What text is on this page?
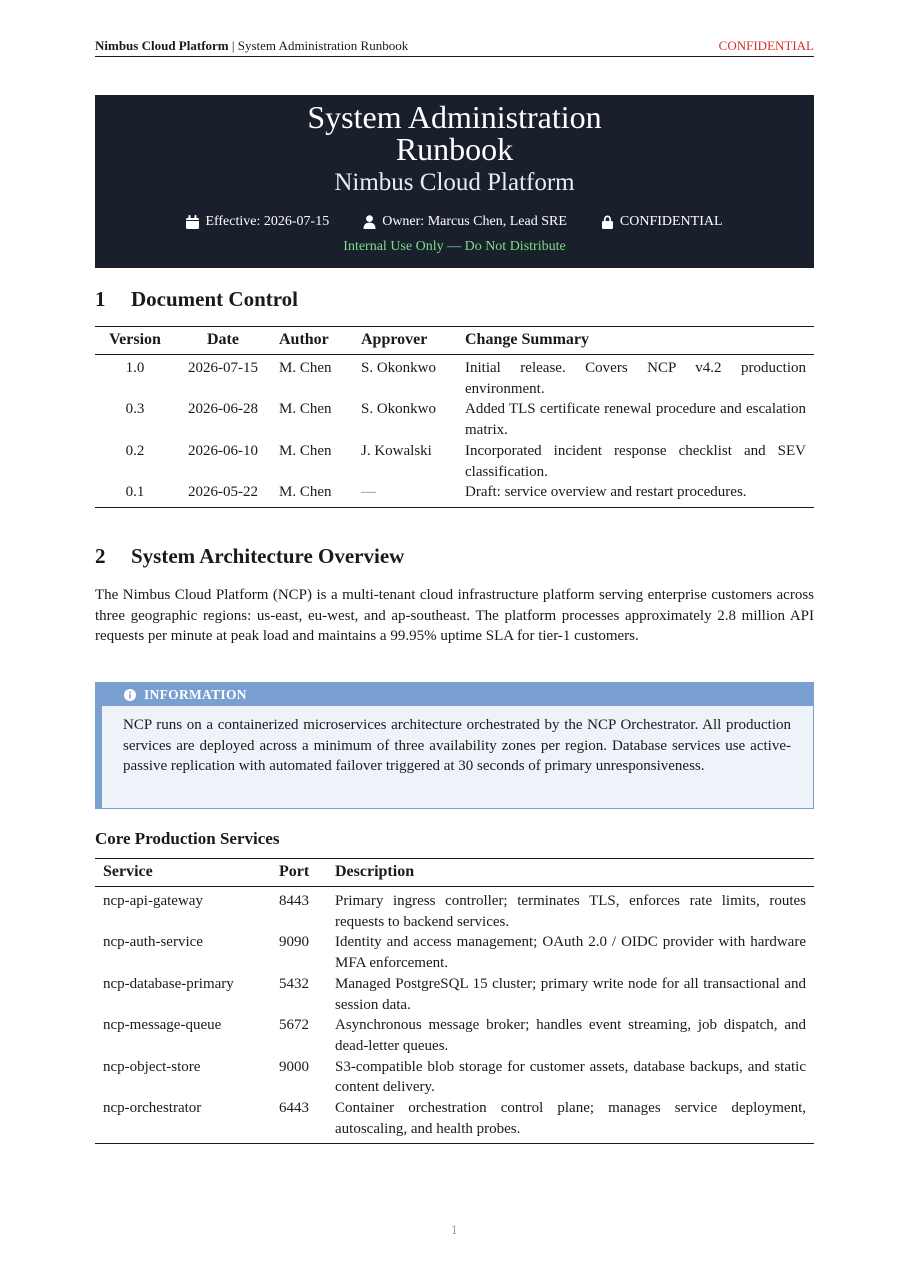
Nimbus Cloud Platform | System Administration Runbook	CONFIDENTIAL
System Administration
Runbook
Nimbus Cloud Platform
Effective: 2026-07-15	Owner: Marcus Chen, Lead SRE	CONFIDENTIAL
Internal Use Only — Do Not Distribute
1 Document Control
Version	Date	Author	Approver	Change Summary
1.0	2026-07-15	M. Chen	S. Okonkwo	Initial release. Covers NCP v4.2 production environment.
0.3	2026-06-28	M. Chen	S. Okonkwo	Added TLS certificate renewal procedure and escalation matrix.
0.2	2026-06-10	M. Chen	J. Kowalski	Incorporated incident response checklist and SEV classification.
0.1	2026-05-22	M. Chen	—	Draft: service overview and restart procedures.
2 System Architecture Overview

The Nimbus Cloud Platform (NCP) is a multi-tenant cloud infrastructure platform serving enterprise customers across three geographic regions: us-east, eu-west, and ap-southeast. The platform processes approximately 2.8 million API requests per minute at peak load and maintains a 99.95% uptime SLA for tier-1 customers.

INFORMATION

NCP runs on a containerized microservices architecture orchestrated by the NCP Orchestrator. All production services are deployed across a minimum of three availability zones per region. Database services use active-passive replication with automated failover triggered at 30 seconds of primary unresponsiveness.

Core Production Services
Service	Port	Description
ncp-api-gateway	8443	Primary ingress controller; terminates TLS, enforces rate limits, routes requests to backend services.
ncp-auth-service	9090	Identity and access management; OAuth 2.0 / OIDC provider with hardware MFA enforcement.
ncp-database-primary	5432	Managed PostgreSQL 15 cluster; primary write node for all transactional and session data.
ncp-message-queue	5672	Asynchronous message broker; handles event streaming, job dispatch, and dead-letter queues.
ncp-object-store	9000	S3-compatible blob storage for customer assets, database backups, and static content delivery.
ncp-orchestrator	6443	Container orchestration control plane; manages service deployment, autoscaling, and health probes.
1
